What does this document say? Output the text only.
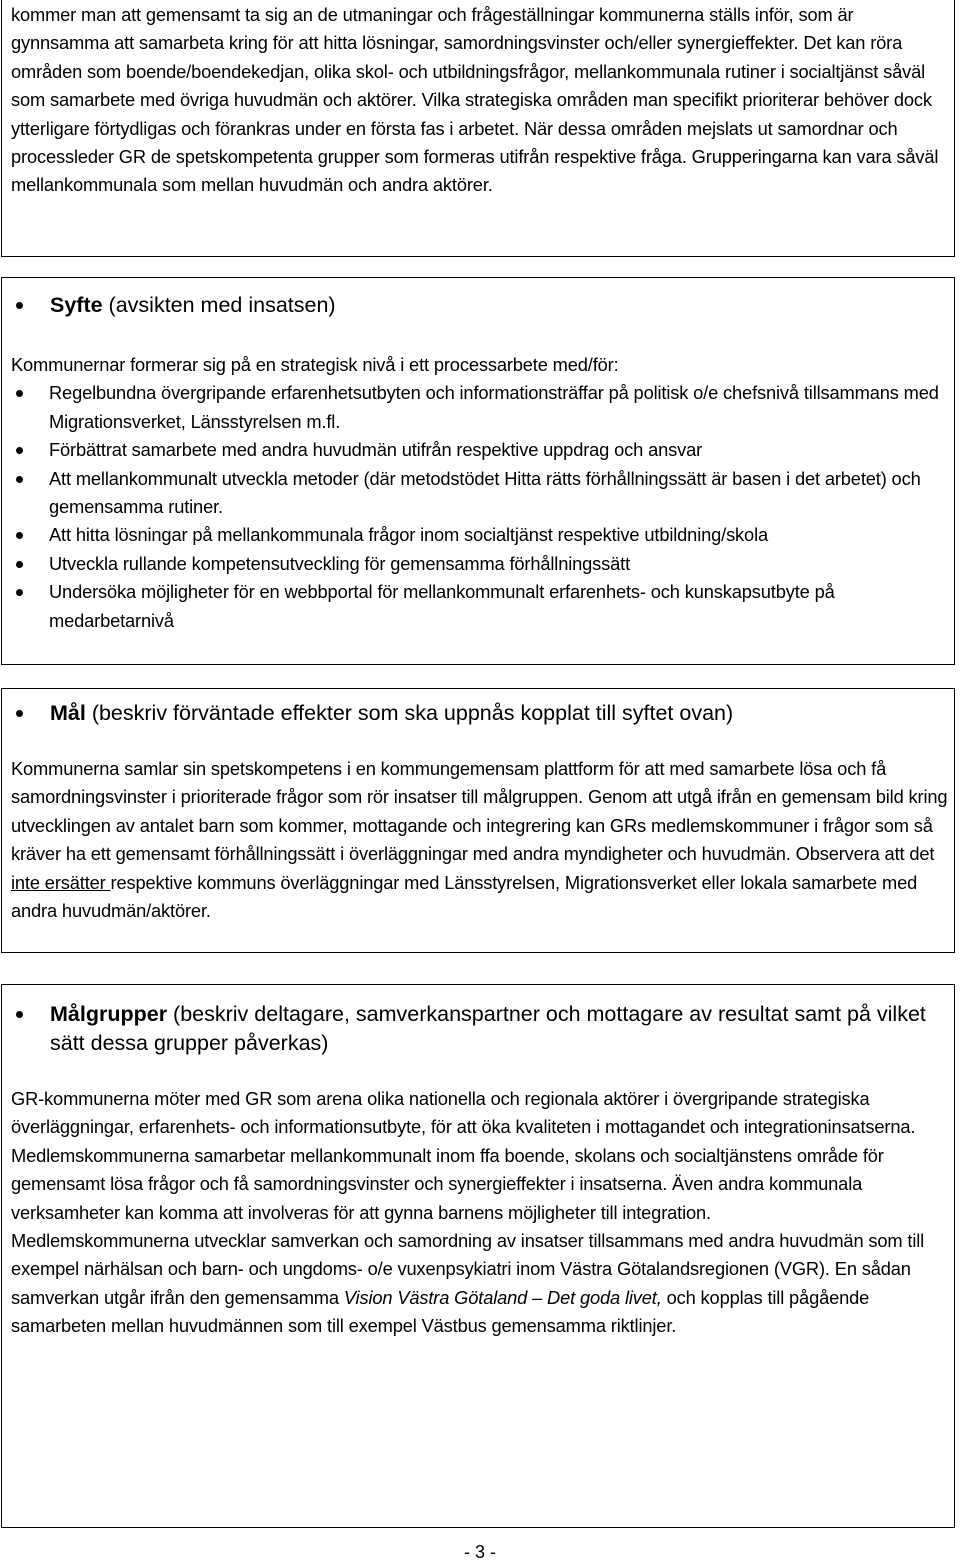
kommer man att gemensamt ta sig an de utmaningar och frågeställningar kommunerna ställs inför, som är gynnsamma att samarbeta kring för att hitta lösningar, samordningsvinster och/eller synergieffekter. Det kan röra områden som boende/boendekedjan, olika skol- och utbildningsfrågor, mellankommunala rutiner i socialtjänst såväl som samarbete med övriga huvudmän och aktörer. Vilka strategiska områden man specifikt prioriterar behöver dock ytterligare förtydligas och förankras under en första fas i arbetet. När dessa områden mejslats ut samordnar och processleder GR de spetskompetenta grupper som formeras utifrån respektive fråga. Grupperingarna kan vara såväl mellankommunala som mellan huvudmän och andra aktörer.

Syfte (avsikten med insatsen)

Kommunernar formerar sig på en strategisk nivå i ett processarbete med/för:

Regelbundna övergripande erfarenhetsutbyten och informationsträffar på politisk o/e chefsnivå tillsammans med Migrationsverket, Länsstyrelsen m.fl.
Förbättrat samarbete med andra huvudmän utifrån respektive uppdrag och ansvar
Att mellankommunalt utveckla metoder (där metodstödet Hitta rätts förhållningssätt är basen i det arbetet) och gemensamma rutiner.
Att hitta lösningar på mellankommunala frågor inom socialtjänst respektive utbildning/skola
Utveckla rullande kompetensutveckling för gemensamma förhållningssätt
Undersöka möjligheter för en webbportal för mellankommunalt erfarenhets- och kunskapsutbyte på medarbetarnivå
Mål (beskriv förväntade effekter som ska uppnås kopplat till syftet ovan)

Kommunerna samlar sin spetskompetens i en kommungemensam plattform för att med samarbete lösa och få samordningsvinster i prioriterade frågor som rör insatser till målgruppen. Genom att utgå ifrån en gemensam bild kring utvecklingen av antalet barn som kommer, mottagande och integrering kan GRs medlemskommuner i frågor som så kräver ha ett gemensamt förhållningssätt i överläggningar med andra myndigheter och huvudmän. Observera att det inte ersätter respektive kommuns överläggningar med Länsstyrelsen, Migrationsverket eller lokala samarbete med andra huvudmän/aktörer.

Målgrupper (beskriv deltagare, samverkanspartner och mottagare av resultat samt på vilket sätt dessa grupper påverkas)

GR-kommunerna möter med GR som arena olika nationella och regionala aktörer i övergripande strategiska överläggningar, erfarenhets- och informationsutbyte, för att öka kvaliteten i mottagandet och integrationinsatserna.

Medlemskommunerna samarbetar mellankommunalt inom ffa boende, skolans och socialtjänstens område för gemensamt lösa frågor och få samordningsvinster och synergieffekter i insatserna. Även andra kommunala verksamheter kan komma att involveras för att gynna barnens möjligheter till integration.

Medlemskommunerna utvecklar samverkan och samordning av insatser tillsammans med andra huvudmän som till exempel närhälsan och barn- och ungdoms- o/e vuxenpsykiatri inom Västra Götalandsregionen (VGR). En sådan samverkan utgår ifrån den gemensamma Vision Västra Götaland – Det goda livet, och kopplas till pågående samarbeten mellan huvudmännen som till exempel Västbus gemensamma riktlinjer.

- 3 -
